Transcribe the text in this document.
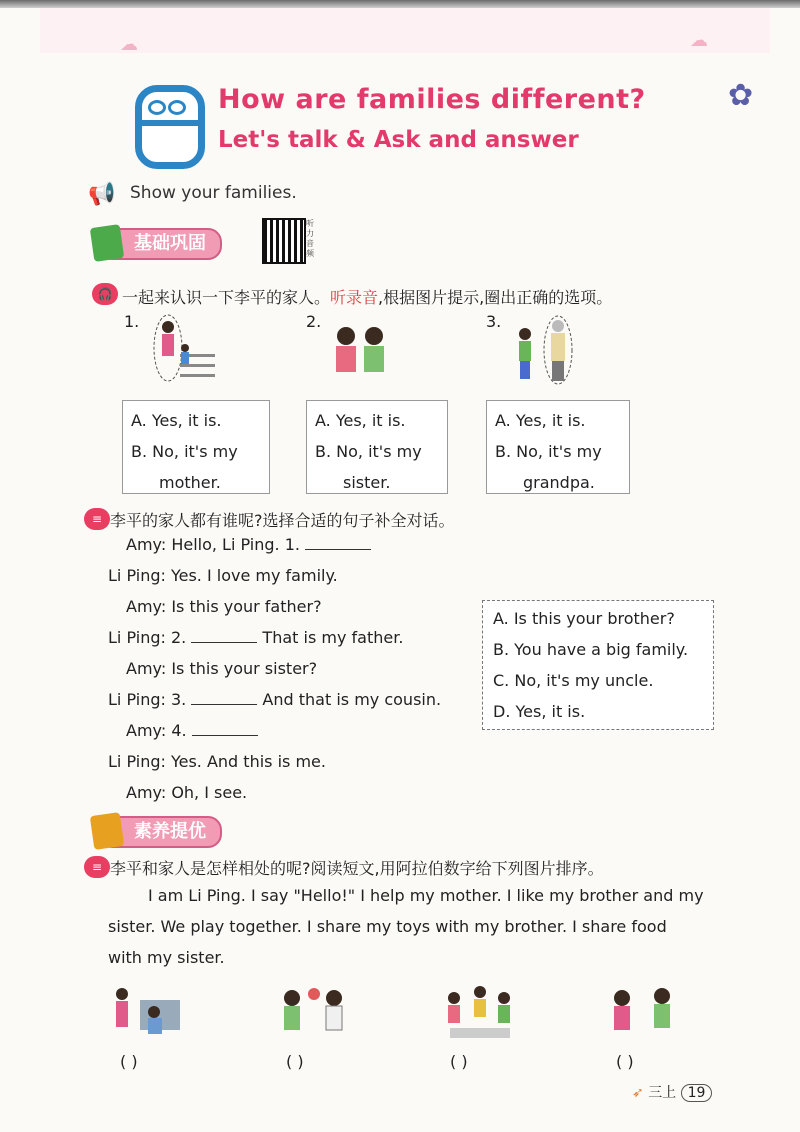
☁	☁
How are families different?
Let's talk & Ask and answer
✿
📢 Show your families.
基础巩固
听力音频
🎧 一起来认识一下李平的家人。听录音,根据图片提示,圈出正确的选项。
1.	2.	3.
A. Yes, it is.
B. No, it's my
mother.
A. Yes, it is.
B. No, it's my
sister.
A. Yes, it is.
B. No, it's my
grandpa.
≡ 李平的家人都有谁呢?选择合适的句子补全对话。
Amy: Hello, Li Ping. 1.
Li Ping: Yes. I love my family.
Amy: Is this your father?
Li Ping: 2.	That is my father.
Amy: Is this your sister?
Li Ping: 3.	And that is my cousin.
Amy: 4.
Li Ping: Yes. And this is me.
Amy: Oh, I see.
A. Is this your brother?
B. You have a big family.
C. No, it's my uncle.
D. Yes, it is.
素养提优
≡ 李平和家人是怎样相处的呢?阅读短文,用阿拉伯数字给下列图片排序。
I am Li Ping. I say "Hello!" I help my mother. I like my brother and my
sister. We play together. I share my toys with my brother. I share food
with my sister.
( )	( )	( )	( )
➶ 三上 19
